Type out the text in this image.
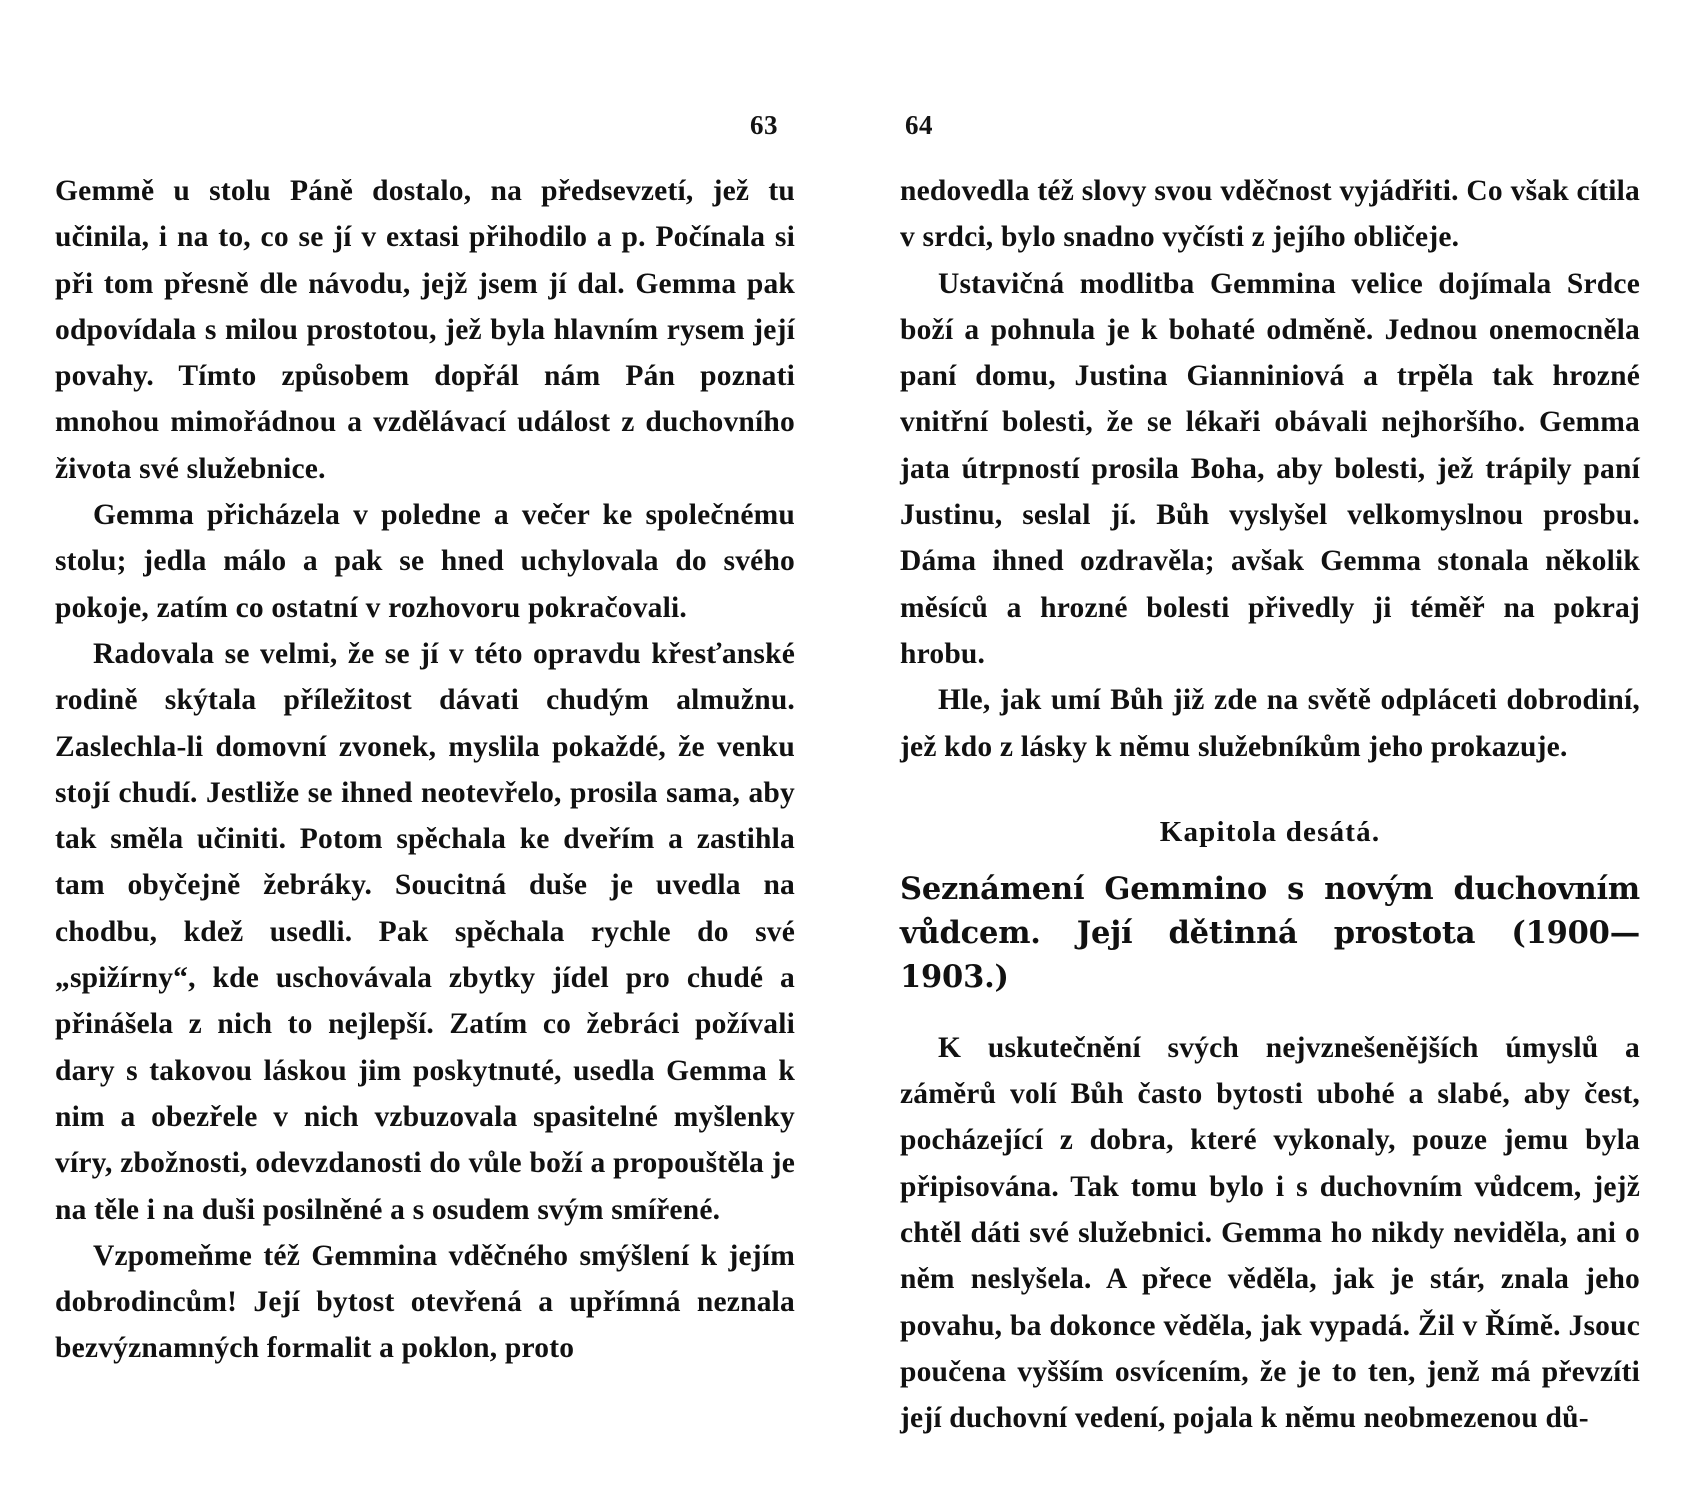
63	64

Gemmě u stolu Páně dostalo, na předsevzetí, jež tu učinila, i na to, co se jí v extasi přihodilo a p. Počínala si při tom přesně dle návodu, jejž jsem jí dal. Gemma pak odpovídala s milou prostotou, jež byla hlavním rysem její povahy. Tímto způsobem dopřál nám Pán poznati mnohou mimořádnou a vzdělávací událost z duchovního života své služebnice.

Gemma přicházela v poledne a večer ke společnému stolu; jedla málo a pak se hned uchylovala do svého pokoje, zatím co ostatní v rozhovoru pokračovali.

Radovala se velmi, že se jí v této opravdu křesťanské rodině skýtala příležitost dávati chudým almužnu. Zaslechla-li domovní zvonek, myslila pokaždé, že venku stojí chudí. Jestliže se ihned neotevřelo, prosila sama, aby tak směla učiniti. Potom spěchala ke dveřím a zastihla tam obyčejně žebráky. Soucitná duše je uvedla na chodbu, kdež usedli. Pak spěchala rychle do své „spižírny“, kde uschovávala zbytky jídel pro chudé a přinášela z nich to nejlepší. Zatím co žebráci požívali dary s takovou láskou jim poskytnuté, usedla Gemma k nim a obezřele v nich vzbuzovala spasitelné myšlenky víry, zbožnosti, odevzdanosti do vůle boží a propouštěla je na těle i na duši posilněné a s osudem svým smířené.

Vzpomeňme též Gemmina vděčného smýšlení k jejím dobrodincům! Její bytost otevřená a upřímná neznala bezvýznamných formalit a poklon, proto

nedovedla též slovy svou vděčnost vyjádřiti. Co však cítila v srdci, bylo snadno vyčísti z jejího obličeje.

Ustavičná modlitba Gemmina velice dojímala Srdce boží a pohnula je k bohaté odměně. Jednou onemocněla paní domu, Justina Gianniniová a trpěla tak hrozné vnitřní bolesti, že se lékaři obávali nejhoršího. Gemma jata útrpností prosila Boha, aby bolesti, jež trápily paní Justinu, seslal jí. Bůh vyslyšel velkomyslnou prosbu. Dáma ihned ozdravěla; avšak Gemma stonala několik měsíců a hrozné bolesti přivedly ji téměř na pokraj hrobu.

Hle, jak umí Bůh již zde na světě odpláceti dobrodiní, jež kdo z lásky k němu služebníkům jeho prokazuje.

Kapitola desátá.
Seznámení Gemmino s novým duchovním vůdcem. Její dětinná prostota (1900—1903.)

K uskutečnění svých nejvznešenějších úmyslů a záměrů volí Bůh často bytosti ubohé a slabé, aby čest, pocházející z dobra, které vykonaly, pouze jemu byla připisována. Tak tomu bylo i s duchovním vůdcem, jejž chtěl dáti své služebnici. Gemma ho nikdy neviděla, ani o něm neslyšela. A přece věděla, jak je stár, znala jeho povahu, ba dokonce věděla, jak vypadá. Žil v Římě. Jsouc poučena vyšším osvícením, že je to ten, jenž má převzíti její duchovní vedení, pojala k němu neobmezenou dů-
